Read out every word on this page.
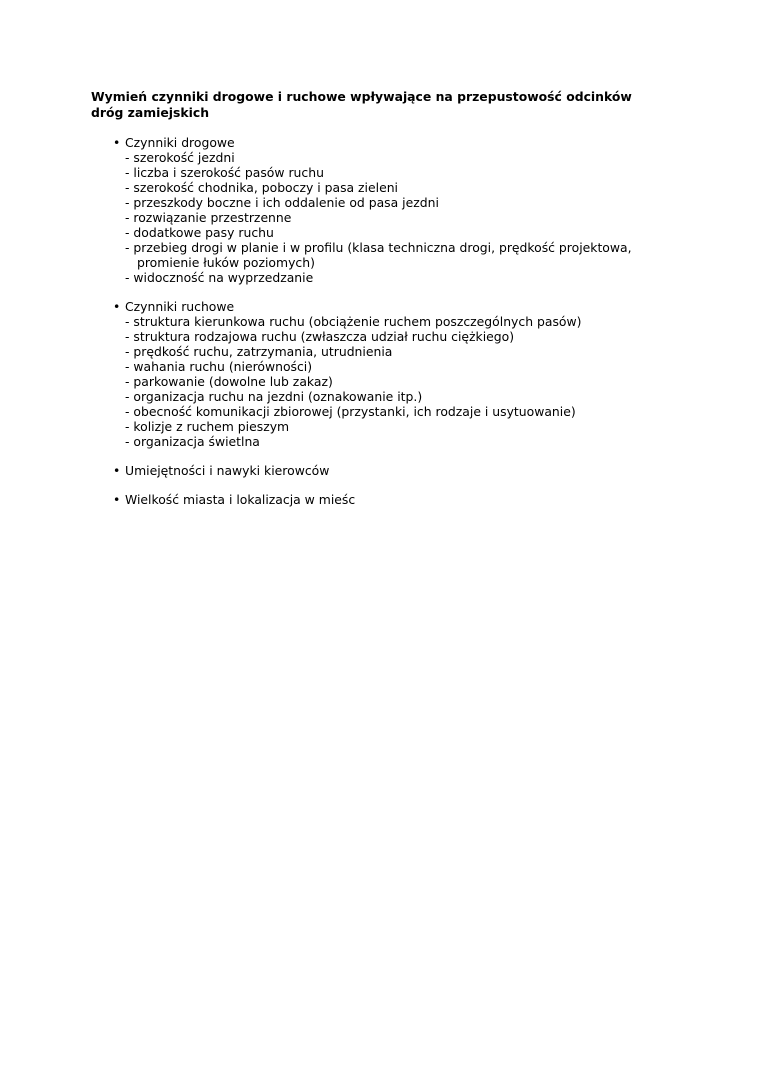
Wymień czynniki drogowe i ruchowe wpływające na przepustowość odcinków
dróg zamiejskich
• Czynniki drogowe
- szerokość jezdni
- liczba i szerokość pasów ruchu
- szerokość chodnika, poboczy i pasa zieleni
- przeszkody boczne i ich oddalenie od pasa jezdni
- rozwiązanie przestrzenne
- dodatkowe pasy ruchu
- przebieg drogi w planie i w profilu (klasa techniczna drogi, prędkość projektowa,
promienie łuków poziomych)
- widoczność na wyprzedzanie
• Czynniki ruchowe
- struktura kierunkowa ruchu (obciążenie ruchem poszczególnych pasów)
- struktura rodzajowa ruchu (zwłaszcza udział ruchu ciężkiego)
- prędkość ruchu, zatrzymania, utrudnienia
- wahania ruchu (nierówności)
- parkowanie (dowolne lub zakaz)
- organizacja ruchu na jezdni (oznakowanie itp.)
- obecność komunikacji zbiorowej (przystanki, ich rodzaje i usytuowanie)
- kolizje z ruchem pieszym
- organizacja świetlna
• Umiejętności i nawyki kierowców
• Wielkość miasta i lokalizacja w mieśc
